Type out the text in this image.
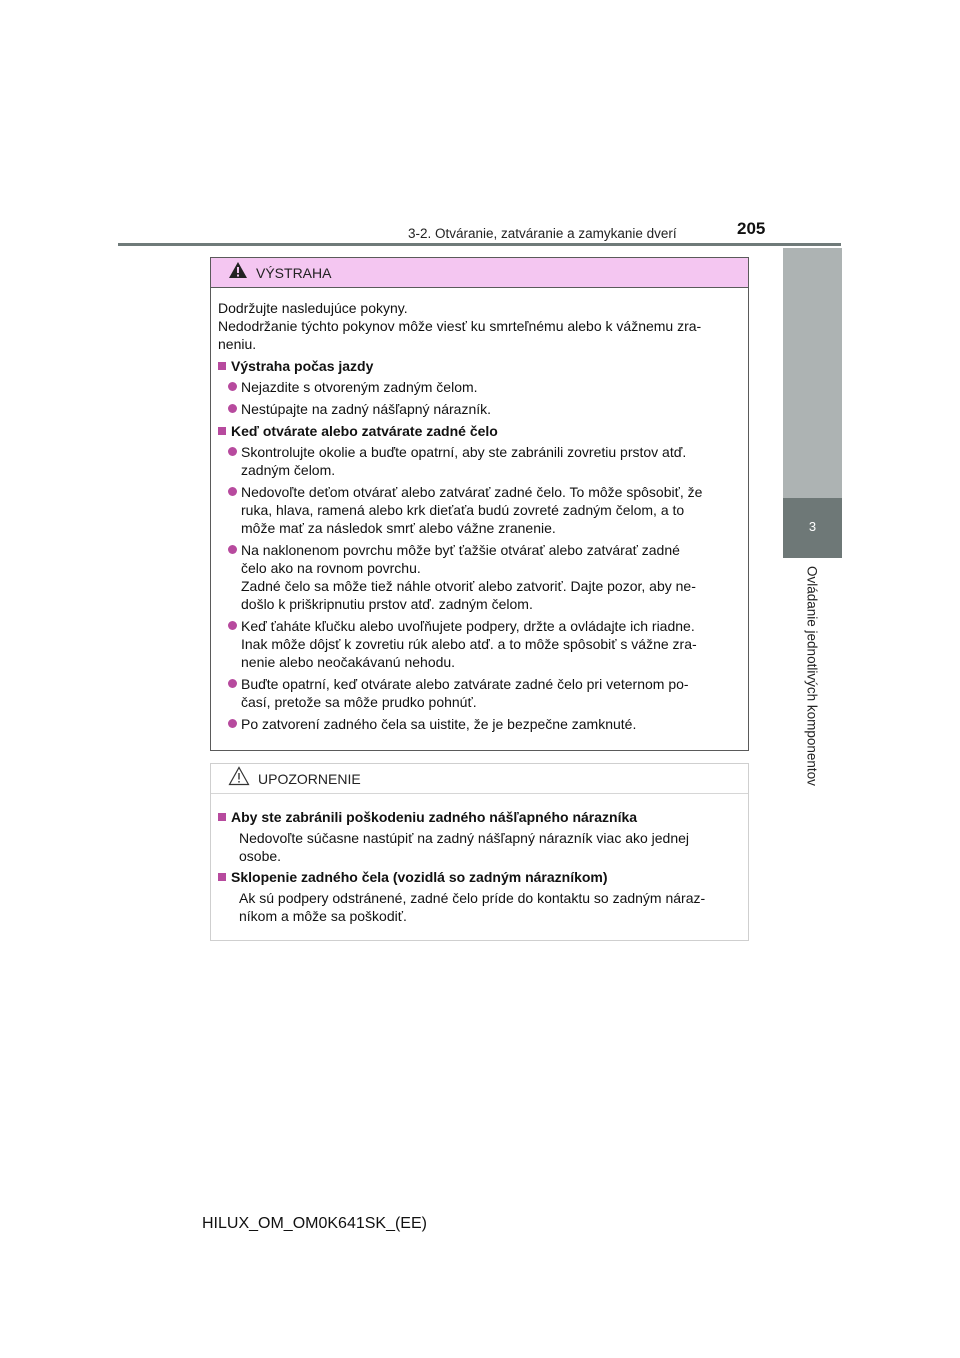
3-2. Otváranie, zatváranie a zamykanie dverí	205
3
Ovládanie jednotlivých komponentov
VÝSTRAHA
Dodržujte nasledujúce pokyny.
Nedodržanie týchto pokynov môže viesť ku smrteľnému alebo k vážnemu zra-
neniu.
Výstraha počas jazdy
Nejazdite s otvoreným zadným čelom.
Nestúpajte na zadný nášľapný nárazník.
Keď otvárate alebo zatvárate zadné čelo
Skontrolujte okolie a buďte opatrní, aby ste zabránili zovretiu prstov atď.
zadným čelom.
Nedovoľte deťom otvárať alebo zatvárať zadné čelo. To môže spôsobiť, že
ruka, hlava, ramená alebo krk dieťaťa budú zovreté zadným čelom, a to
môže mať za následok smrť alebo vážne zranenie.
Na naklonenom povrchu môže byť ťažšie otvárať alebo zatvárať zadné
čelo ako na rovnom povrchu.
Zadné čelo sa môže tiež náhle otvoriť alebo zatvoriť. Dajte pozor, aby ne-
došlo k priškripnutiu prstov atď. zadným čelom.
Keď ťaháte kľučku alebo uvoľňujete podpery, držte a ovládajte ich riadne.
Inak môže dôjsť k zovretiu rúk alebo atď. a to môže spôsobiť s vážne zra-
nenie alebo neočakávanú nehodu.
Buďte opatrní, keď otvárate alebo zatvárate zadné čelo pri veternom po-
časí, pretože sa môže prudko pohnúť.
Po zatvorení zadného čela sa uistite, že je bezpečne zamknuté.
UPOZORNENIE
Aby ste zabránili poškodeniu zadného nášľapného nárazníka
Nedovoľte súčasne nastúpiť na zadný nášľapný nárazník viac ako jednej
osobe.
Sklopenie zadného čela (vozidlá so zadným nárazníkom)
Ak sú podpery odstránené, zadné čelo príde do kontaktu so zadným náraz-
níkom a môže sa poškodiť.
HILUX_OM_OM0K641SK_(EE)
